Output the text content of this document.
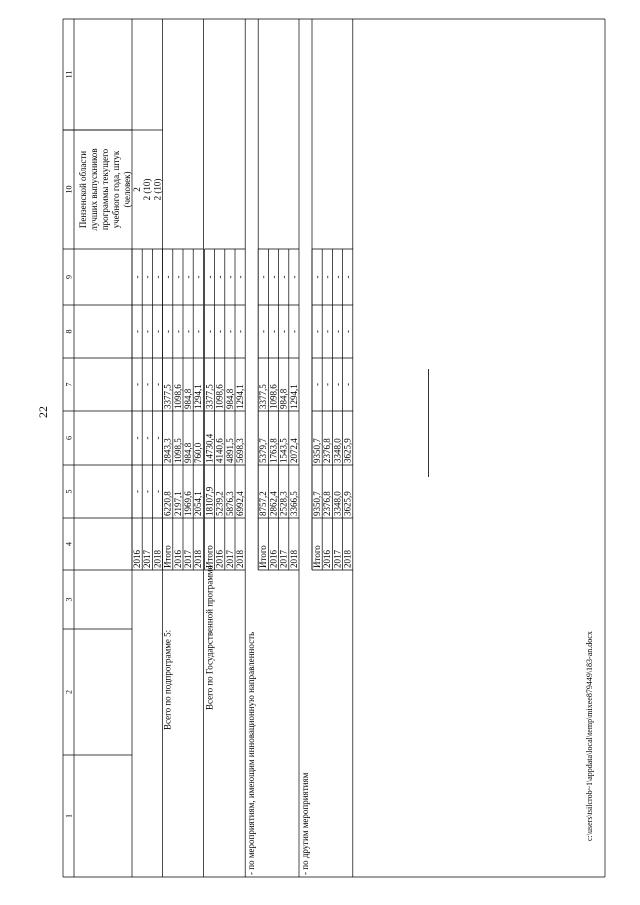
22
c:\users\tsilcrob~1\appdata\local\temp\mixee879449\183-an.docx
1
2
3
4
5
6
7
8
9
10
11
Пензенской области лучших выпускников программы текущего учебного года, штук (человек)
2016
-
-
-
-
-
2
2017
-
-
-
-
-
2 (10)
2018
-
-
-
-
-
2 (10)
Итого
6220,8
2843,3
3377,5
-
-
2016
2197,1
1098,5
1098,6
-
-
2017
1969,6
984,8
984,8
-
-
2018
2054,1
760,0
1294,1
-
-
Всего по подпрограмме 5:
Итого
18107,9
14730,4
3377,5
-
-
2016
5239,2
4140,6
1098,6
-
-
2017
5876,3
4891,5
984,8
-
-
2018
6992,4
5698,3
1294,1
-
-
Всего по Государственной программе	- по мероприятиям, имеющим инновационную направленность
Итого
8757,2
5379,7
3377,5
-
-
2016
2862,4
1763,8
1098,6
-
-
2017
2528,3
1543,5
984,8
-
-
2018
3366,5
2072,4
1294,1
-
-
- по другим мероприятиям
Итого
9350,7
9350,7
-
-
-
2016
2376,8
2376,8
-
-
-
2017
3348,0
3348,0
-
-
-
2018
3625,9
3625,9
-
-
-
